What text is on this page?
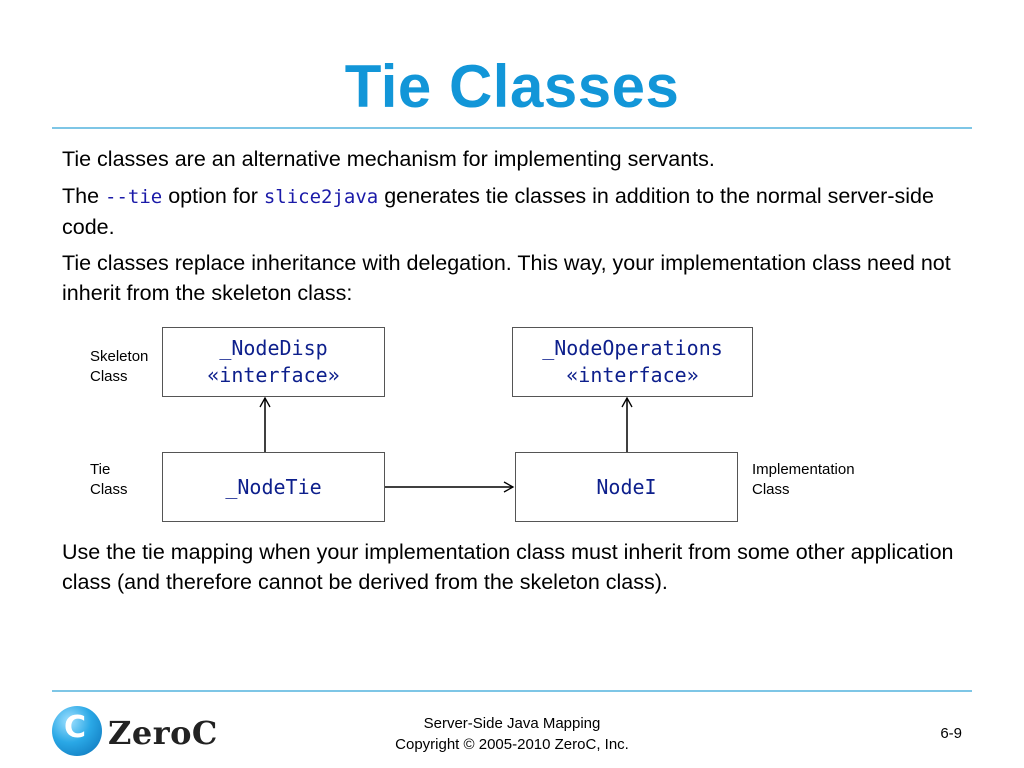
Tie Classes
Tie classes are an alternative mechanism for implementing servants.
The --tie option for slice2java generates tie classes in addition to the normal server-side code.
Tie classes replace inheritance with delegation. This way, your implementation class need not inherit from the skeleton class:
_NodeDisp
«interface»
_NodeOperations
«interface»
_NodeTie	NodeI
Skeleton
Class
Tie
Class
Implementation
Class
Use the tie mapping when your implementation class must inherit from some other application class (and therefore cannot be derived from the skeleton class).
C ZeroC	Server-Side Java Mapping
Copyright © 2005-2010 ZeroC, Inc.
6-9
